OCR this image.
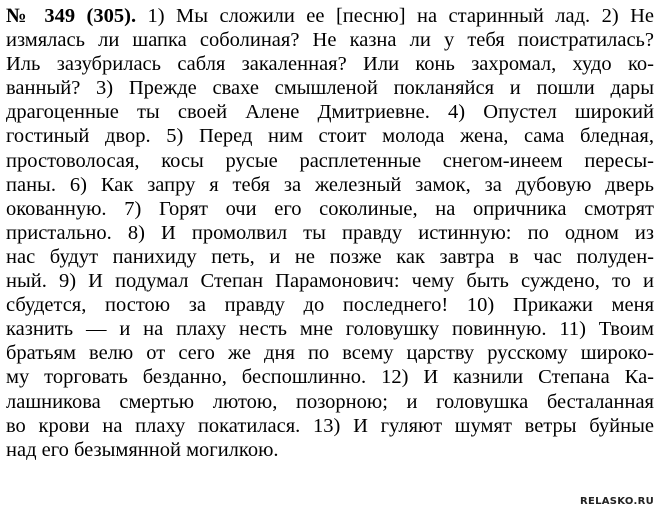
№ 349 (305). 1) Мы сложили ее [песню] на старинный лад. 2) Не
измялась ли шапка соболиная? Не казна ли у тебя поистратилась?
Иль зазубрилась сабля закаленная? Или конь захромал, худо ко-
ванный? 3) Прежде свахе смышленой покланяйся и пошли дары
драгоценные ты своей Алене Дмитриевне. 4) Опустел широкий
гостиный двор. 5) Перед ним стоит молода жена, сама бледная,
простоволосая, косы русые расплетенные снегом-инеем пересы-
паны. 6) Как запру я тебя за железный замок, за дубовую дверь
окованную. 7) Горят очи его соколиные, на опричника смотрят
пристально. 8) И промолвил ты правду истинную: по одном из
нас будут панихиду петь, и не позже как завтра в час полуден-
ный. 9) И подумал Степан Парамонович: чему быть суждено, то и
сбудется, постою за правду до последнего! 10) Прикажи меня
казнить — и на плаху несть мне головушку повинную. 11) Твоим
братьям велю от сего же дня по всему царству русскому широко-
му торговать безданно, беспошлинно. 12) И казнили Степана Ка-
лашникова смертью лютою, позорною; и головушка бесталанная
во крови на плаху покатилася. 13) И гуляют шумят ветры буйные
над его безымянной могилкою.
RELASKO.RU
